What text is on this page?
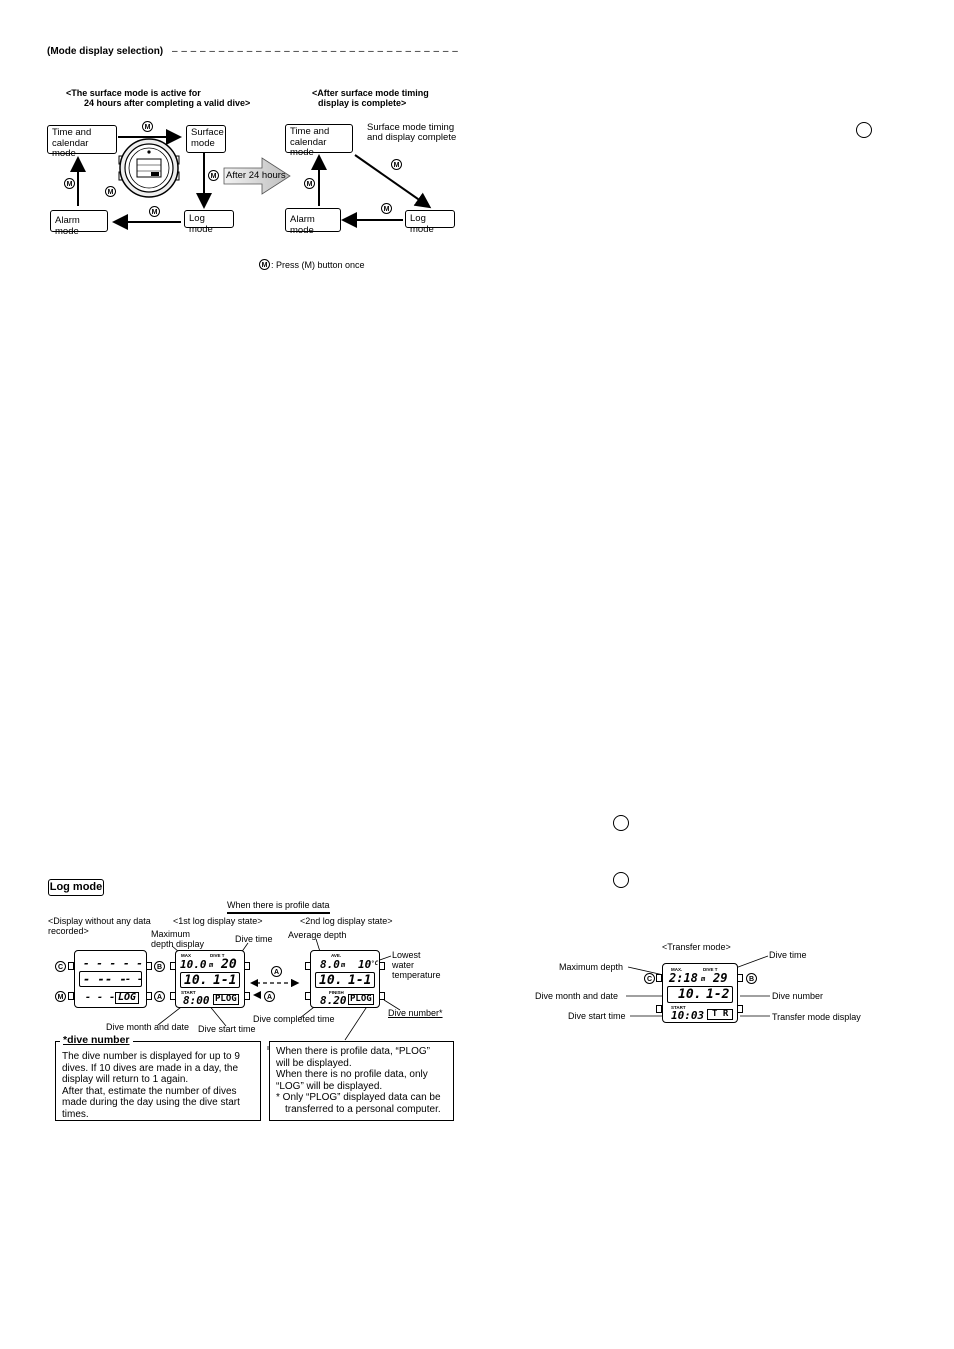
(Mode display selection) – – – – – – – – – – – – – – – – – – – – – – – – – – – – – – –
<The surface mode is active for
24 hours after completing a valid dive>
<After surface mode timing
display is complete>
Time and
calendar mode
Surface
mode
Alarm mode
Log mode
M
M
M
M
M
After 24 hours
Time and
calendar mode
Surface mode timing
and display complete
Alarm mode
Log mode
M
M
M
M : Press (M) button once
Log mode
When there is profile data
<Display without any data
recorded>
<1st log display state>	<2nd log display state>
Maximum
depth display	Dive time Average depth
Lowest
water
temperature
C
M
B
A
- - - - -
- - - -
- -
- - - LOG	A
MAX	DIVE T
10.0 m 20
10. 1-1
START
8:00 PLOG
A
AVE.
8.0 m 10 °C
10. 1-1
FINISH
8.20 PLOG
Dive month and date Dive start time
Dive completed time
Dive number*
The dive number is displayed for up to 9
dives. If 10 dives are made in a day, the
display will return to 1 again.
After that, estimate the number of dives
made during the day using the dive start
times.
*dive number
When there is profile data, “PLOG”
will be displayed.
When there is no profile data, only
“LOG” will be displayed.
* Only “PLOG” displayed data can be
transferred to a personal computer.
<Transfer mode>
Dive time
Maximum depth
Dive month and date	Dive number
Dive start time	Transfer mode display
C	B
MAX.	DIVE T
2:18 m 29
10. 1-2
START
10:03 T R
